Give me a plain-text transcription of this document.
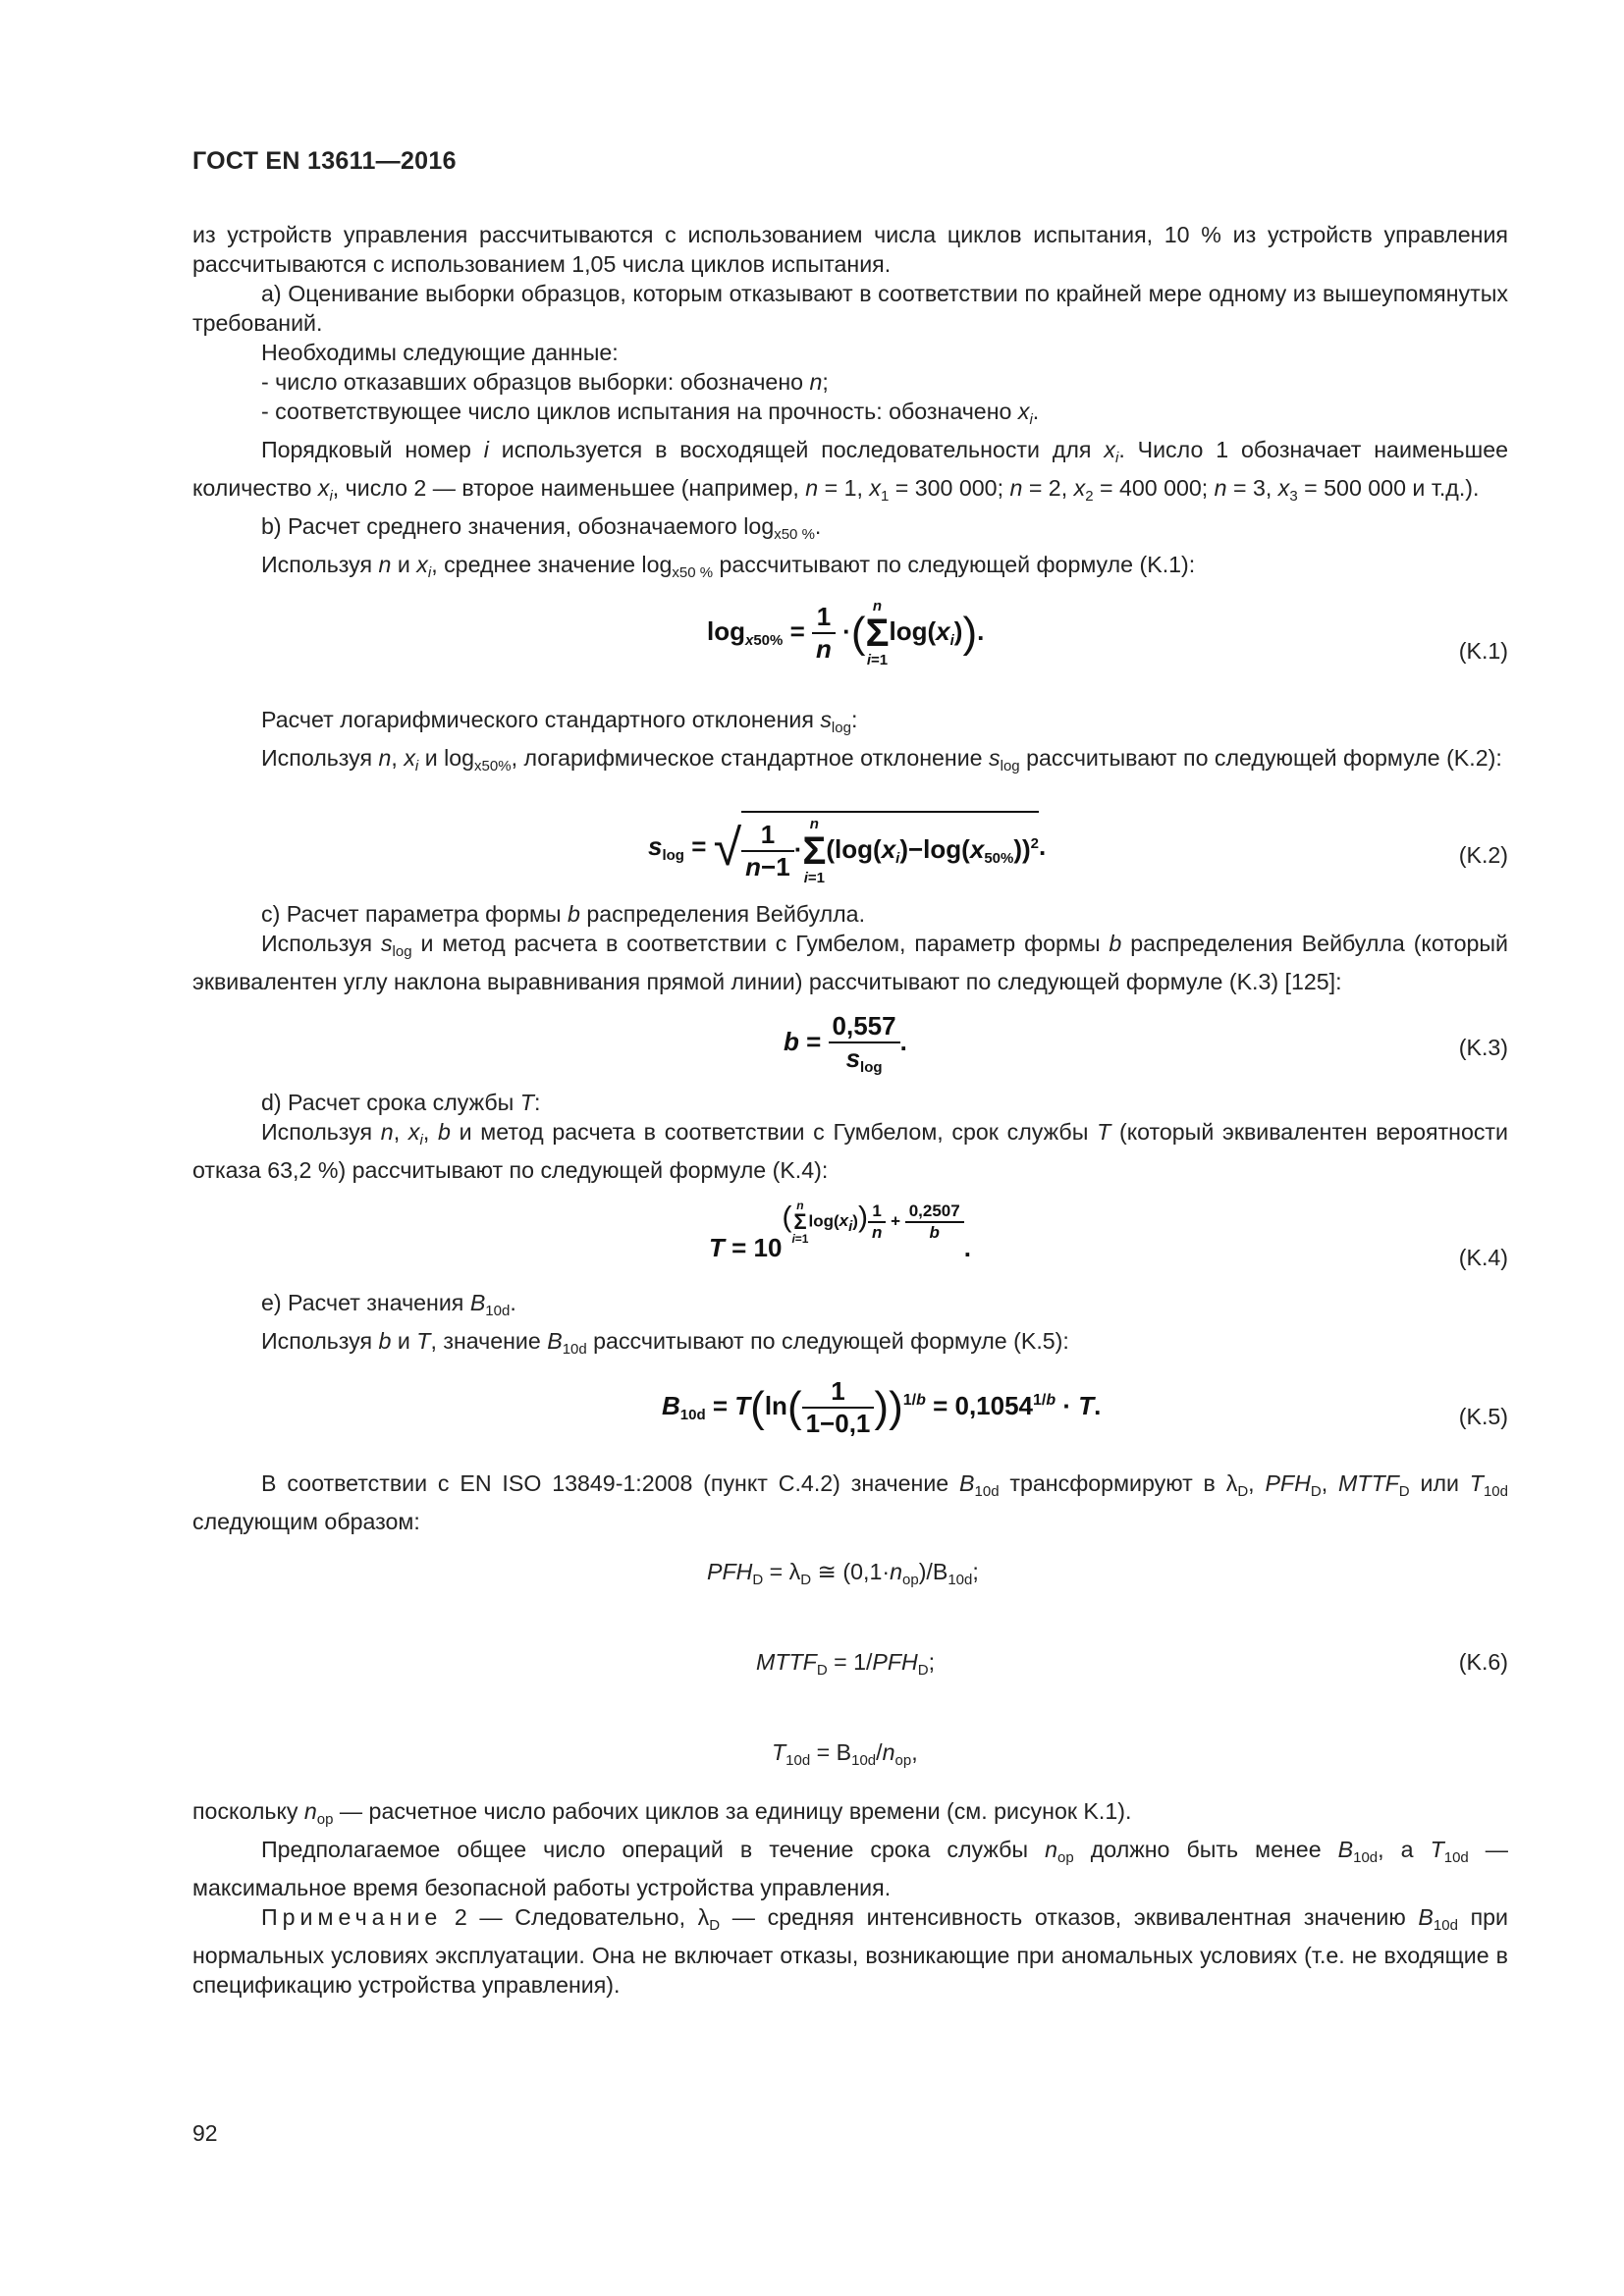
ГОСТ EN 13611—2016

из устройств управления рассчитываются с использованием числа циклов испытания, 10 % из устройств управления рассчитываются с использованием 1,05 числа циклов испытания.

a) Оценивание выборки образцов, которым отказывают в соответствии по крайней мере одному из вышеупомянутых требований.

Необходимы следующие данные:

- число отказавших образцов выборки: обозначено n;

- соответствующее число циклов испытания на прочность: обозначено $x_i$.

Порядковый номер i используется в восходящей последовательности для $x_i$. Число 1 обозначает наименьшее количество $x_i$, число 2 — второе наименьшее (например, n = 1, $x_1 = 300$ 000; n = 2, $x_2 = 400$ 000; n = 3, $x_3 = 500$ 000 и т.д.).

b) Расчет среднего значения, обозначаемого $\log_{x50 \%}$.

Используя n и $x_i$, среднее значение $\log_{x50 \%}$ рассчитывают по следующей формуле (K.1):

$\log_{x50\%} = \frac{1}{n}$ ·(
n
Σ
i=1
$\log(x_i)$).
(K.1)

Расчет логарифмического стандартного отклонения $s_{log}$:

Используя n, $x_i$ и $\log_{x50\%}$, логарифмическое стандартное отклонение $s_{log}$ рассчитывают по следующей формуле (K.2):

$s_{log}$ = √ $\frac{1}{n-1}$ ·
n
Σ
i=1
$(\log(x_i)-\log(x_{50\%}))^2$.	(K.2)

c) Расчет параметра формы b распределения Вейбулла.

Используя $s_{log}$ и метод расчета в соответствии с Гумбелом, параметр формы b распределения Вейбулла (который эквивалентен углу наклона выравнивания прямой линии) рассчитывают по следующей формуле (K.3) [125]:

$b = \frac{0,557}{s_{log}}$ .	(K.3)

d) Расчет срока службы T:

Используя n, $x_i$, b и метод расчета в соответствии с Гумбелом, срок службы T (который эквивалентен вероятности отказа 63,2 %) рассчитывают по следующей формуле (K.4):

T = 10( n
Σ
i=1
$\log(x_i)) \frac{1}{n} + \frac{0,2507}{b}$
.	(K.4)

e) Расчет значения $B_{10d}$.

Используя b и T, значение $B_{10d}$ рассчитывают по следующей формуле (K.5):

$B_{10d} = T(\ln( \frac{1}{1-0,1} ))^{1/b} = 0,1054^{1/b} \cdot T$.	(K.5)

В соответствии с EN ISO 13849-1:2008 (пункт C.4.2) значение $B_{10d}$ трансформируют в $\lambda_D$, $PFH_D$, $MTTF_D$ или $T_{10d}$ следующим образом:

$PFH_D = \lambda_D$ ≅ $(0,1\cdot n_{op})/B_{10d}$;
$MTTF_D = 1/PFH_D$;	(K.6)
$T_{10d} = B_{10d}/n_{op}$,

поскольку $n_{op}$ — расчетное число рабочих циклов за единицу времени (см. рисунок K.1).

Предполагаемое общее число операций в течение срока службы $n_{op}$ должно быть менее $B_{10d}$, а $T_{10d}$ — максимальное время безопасной работы устройства управления.

Примечание 2 — Следовательно, $\lambda_D$ — средняя интенсивность отказов, эквивалентная значению $B_{10d}$ при нормальных условиях эксплуатации. Она не включает отказы, возникающие при аномальных условиях (т.е. не входящие в спецификацию устройства управления).

92
